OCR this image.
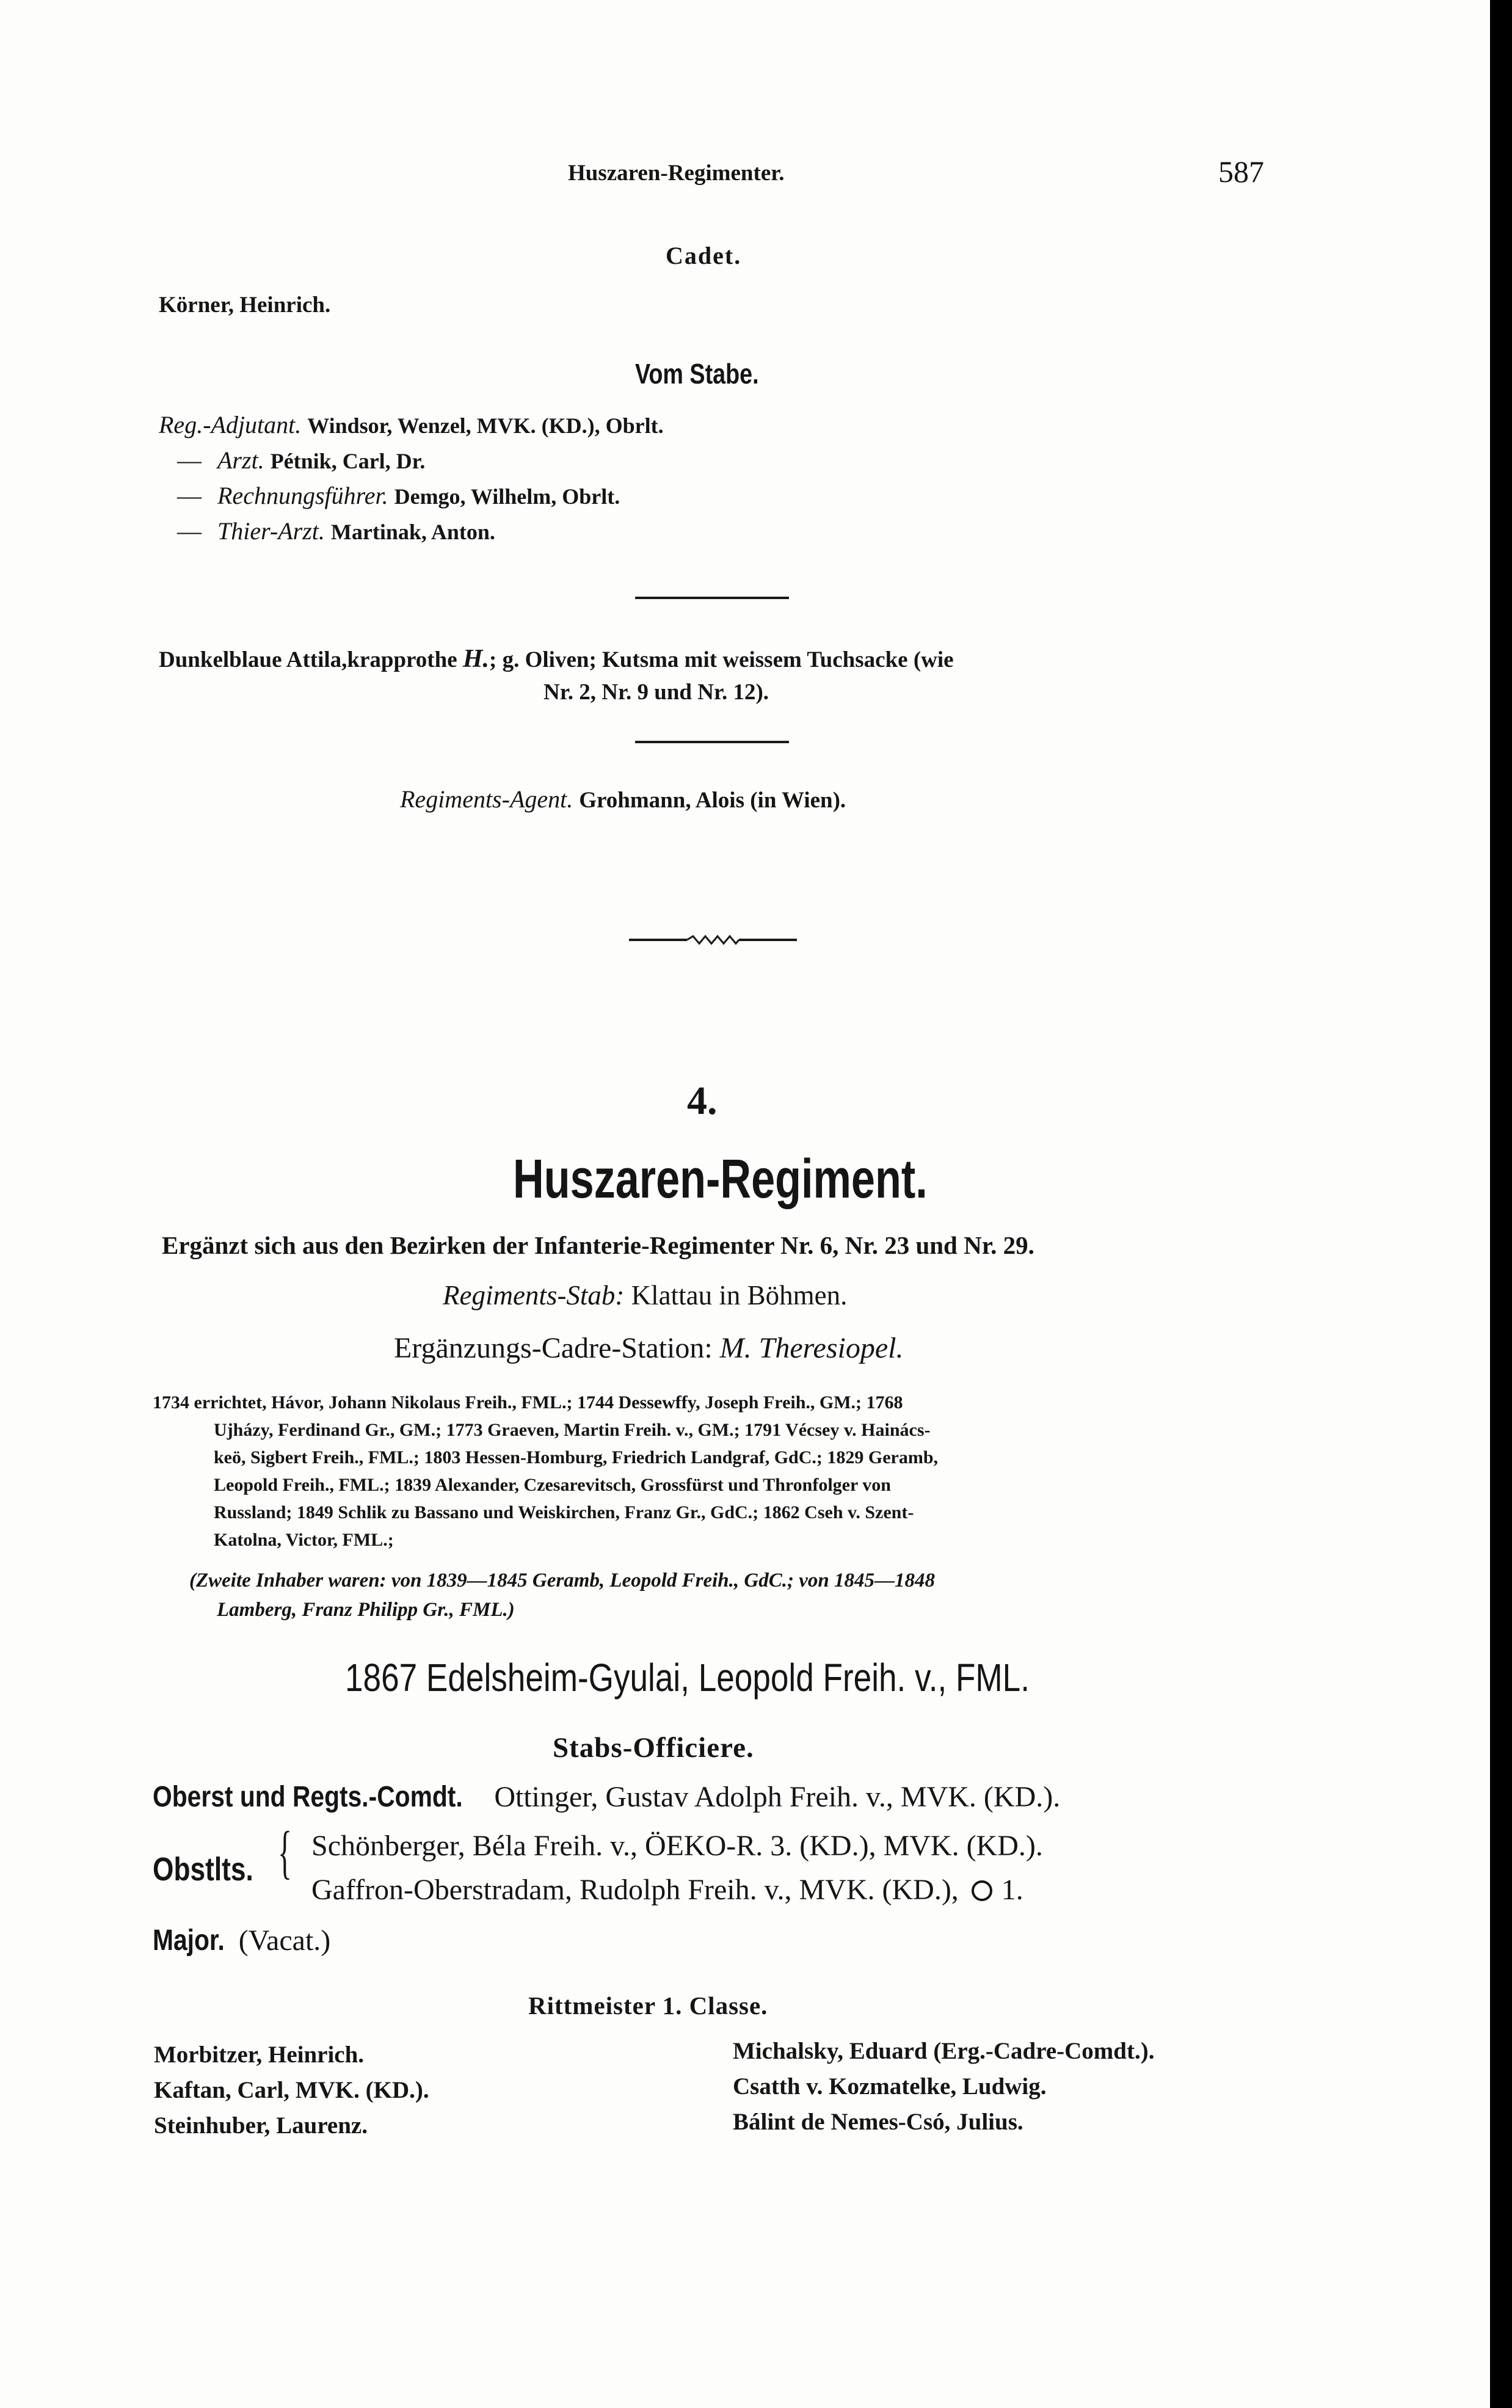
Huszaren-Regimenter.	587
Cadet.
Körner, Heinrich.
Vom Stabe.
Reg.-Adjutant. Windsor, Wenzel, MVK. (KD.), Obrlt.
— Arzt. Pétnik, Carl, Dr.
— Rechnungsführer. Demgo, Wilhelm, Obrlt.
— Thier-Arzt. Martinak, Anton.
Dunkelblaue Attila,krapprothe H.; g. Oliven; Kutsma mit weissem Tuchsacke (wie
Nr. 2, Nr. 9 und Nr. 12).
Regiments-Agent. Grohmann, Alois (in Wien).
4.
Huszaren-Regiment.
Ergänzt sich aus den Bezirken der Infanterie-Regimenter Nr. 6, Nr. 23 und Nr. 29.
Regiments-Stab: Klattau in Böhmen.
Ergänzungs-Cadre-Station: M. Theresiopel.
1734 errichtet, Hávor, Johann Nikolaus Freih., FML.; 1744 Dessewffy, Joseph Freih., GM.; 1768
Ujházy, Ferdinand Gr., GM.; 1773 Graeven, Martin Freih. v., GM.; 1791 Vécsey v. Hainács-
keö, Sigbert Freih., FML.; 1803 Hessen-Homburg, Friedrich Landgraf, GdC.; 1829 Geramb,
Leopold Freih., FML.; 1839 Alexander, Czesarevitsch, Grossfürst und Thronfolger von
Russland; 1849 Schlik zu Bassano und Weiskirchen, Franz Gr., GdC.; 1862 Cseh v. Szent-
Katolna, Victor, FML.;
(Zweite Inhaber waren: von 1839—1845 Geramb, Leopold Freih., GdC.; von 1845—1848
Lamberg, Franz Philipp Gr., FML.)
1867 Edelsheim-Gyulai, Leopold Freih. v., FML.
Stabs-Officiere.
Oberst und Regts.-Comdt. Ottinger, Gustav Adolph Freih. v., MVK. (KD.).
Obstlts. { Schönberger, Béla Freih. v., ÖEKO-R. 3. (KD.), MVK. (KD.).
Gaffron-Oberstradam, Rudolph Freih. v., MVK. (KD.), 1.
Major. (Vacat.)
Rittmeister 1. Classe.
Morbitzer, Heinrich.
Kaftan, Carl, MVK. (KD.).
Steinhuber, Laurenz.
Michalsky, Eduard (Erg.-Cadre-Comdt.).
Csatth v. Kozmatelke, Ludwig.
Bálint de Nemes-Csó, Julius.
